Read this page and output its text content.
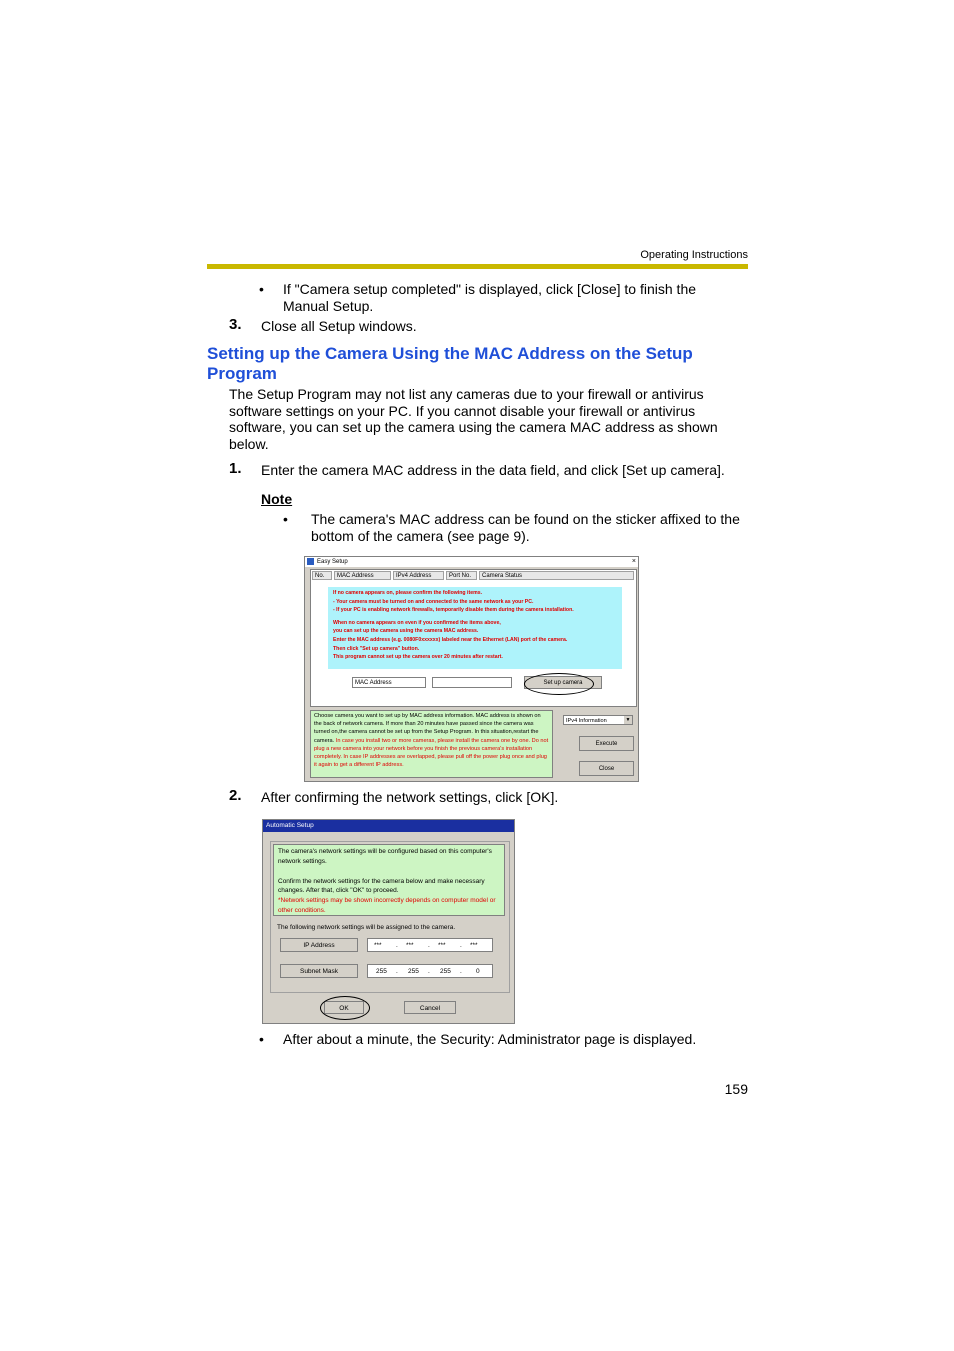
Operating Instructions
• If "Camera setup completed" is displayed, click [Close] to finish the Manual Setup.
3. Close all Setup windows.
Setting up the Camera Using the MAC Address on the Setup Program
The Setup Program may not list any cameras due to your firewall or antivirus software settings on your PC. If you cannot disable your firewall or antivirus software, you can set up the camera using the camera MAC address as shown below.
1. Enter the camera MAC address in the data field, and click [Set up camera].
Note
• The camera's MAC address can be found on the sticker affixed to the bottom of the camera (see page 9).
Easy Setup	×
No.	MAC Address	IPv4 Address	Port No.	Camera Status
If no camera appears on, please confirm the following items.
- Your camera must be turned on and connected to the same network as your PC.
- If your PC is enabling network firewalls, temporarily disable them during the camera installation.
When no camera appears on even if you confirmed the items above,
you can set up the camera using the camera MAC address.
Enter the MAC address (e.g. 0080F0xxxxxx) labeled near the Ethernet (LAN) port of the camera.
Then click "Set up camera" button.
This program cannot set up the camera over 20 minutes after restart.
MAC Address	Set up camera
Choose camera you want to set up by MAC address information. MAC address is shown on the back of network camera. If more than 20 minutes have passed since the camera was turned on,the camera cannot be set up from the Setup Program. In this situation,restart the camera. In case you install two or more cameras, please install the camera one by one. Do not plug a new camera into your network before you finish the previous camera's installation completely. In case IP addresses are overlapped, please pull off the power plug once and plug it again to get a different IP address.
IPv4 Information	▼
Execute
Close
2. After confirming the network settings, click [OK].
Automatic Setup
The camera's network settings will be configured based on this computer's network settings.
Confirm the network settings for the camera below and make necessary changes. After that, click "OK" to proceed.
*Network settings may be shown incorrectly depends on computer model or other conditions.
The following network settings will be assigned to the camera.
IP Address	*** . *** . *** . ***
Subnet Mask	255 . 255 . 255 . 0
OK	Cancel
• After about a minute, the Security: Administrator page is displayed.
159
